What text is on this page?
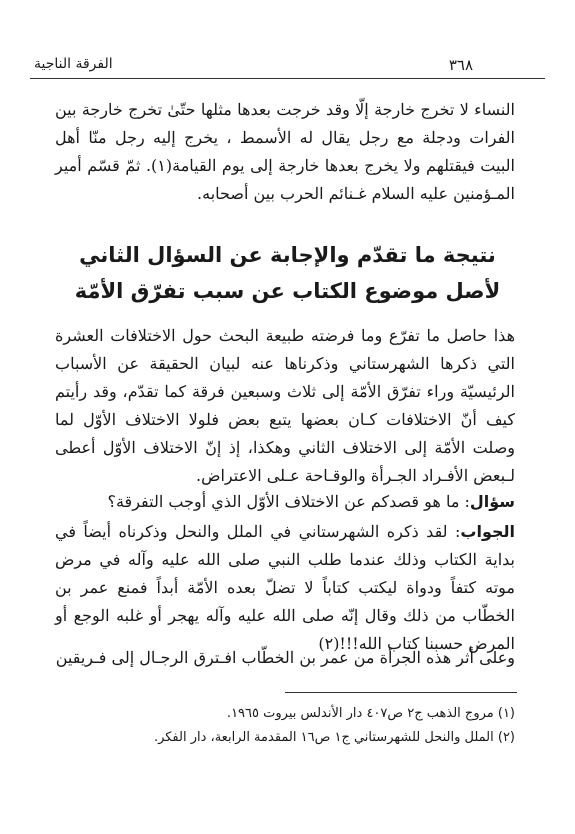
٣٦٨
الفرقة الناجية

النساء لا تخرج خارجة إلّا وقد خرجت بعدها مثلها حتّىٰ تخرج خارجة بين الفرات ودجلة مع رجل يقال له الأسمط ، يخرج إليه رجل منّا أهل البيت فيقتلهم ولا يخرج بعدها خارجة إلى يوم القيامة(١). ثمّ قسّم أمير المـؤمنين عليه السلام غـنائم الحرب بين أصحابه.

نتيجة ما تقدّم والإجابة عن السؤال الثاني
لأصل موضوع الكتاب عن سبب تفرّق الأمّة

هذا حاصل ما تفرّع وما فرضته طبيعة البحث حول الاختلافات العشرة التي ذكرها الشهرستاني وذكرناها عنه لبيان الحقيقة عن الأسباب الرئيسيّة وراء تفرّق الأمّة إلى ثلاث وسبعين فرقة كما تقدّم، وقد رأيتم كيف أنّ الاختلافات كـان بعضها يتبع بعض فلولا الاختلاف الأوّل لما وصلت الأمّة إلى الاختلاف الثاني وهكذا، إذ إنّ الاختلاف الأوّل أعطى لـبعض الأفـراد الجـرأة والوقـاحة عـلى الاعتراض.

سؤال: ما هو قصدكم عن الاختلاف الأوّل الذي أوجب التفرقة؟

الجواب: لقد ذكره الشهرستاني في الملل والنحل وذكرناه أيضاً في بداية الكتاب وذلك عندما طلب النبي صلى الله عليه وآله في مرض موته كتفاً ودواة ليكتب كتاباً لا تضلّ بعده الأمّة أبداً فمنع عمر بن الخطّاب من ذلك وقال إنّه صلى الله عليه وآله يهجر أو غلبه الوجع أو المرض حسبنا كتاب الله!!!(٢)

وعلى أثر هذه الجرأة من عمر بن الخطّاب افـترق الرجـال إلى فـريقين

(١) مروج الذهب ج٢ ص٤٠٧ دار الأندلس بيروت ١٩٦٥.

(٢) الملل والنحل للشهرستاني ج١ ص١٦ المقدمة الرابعة، دار الفكر.
